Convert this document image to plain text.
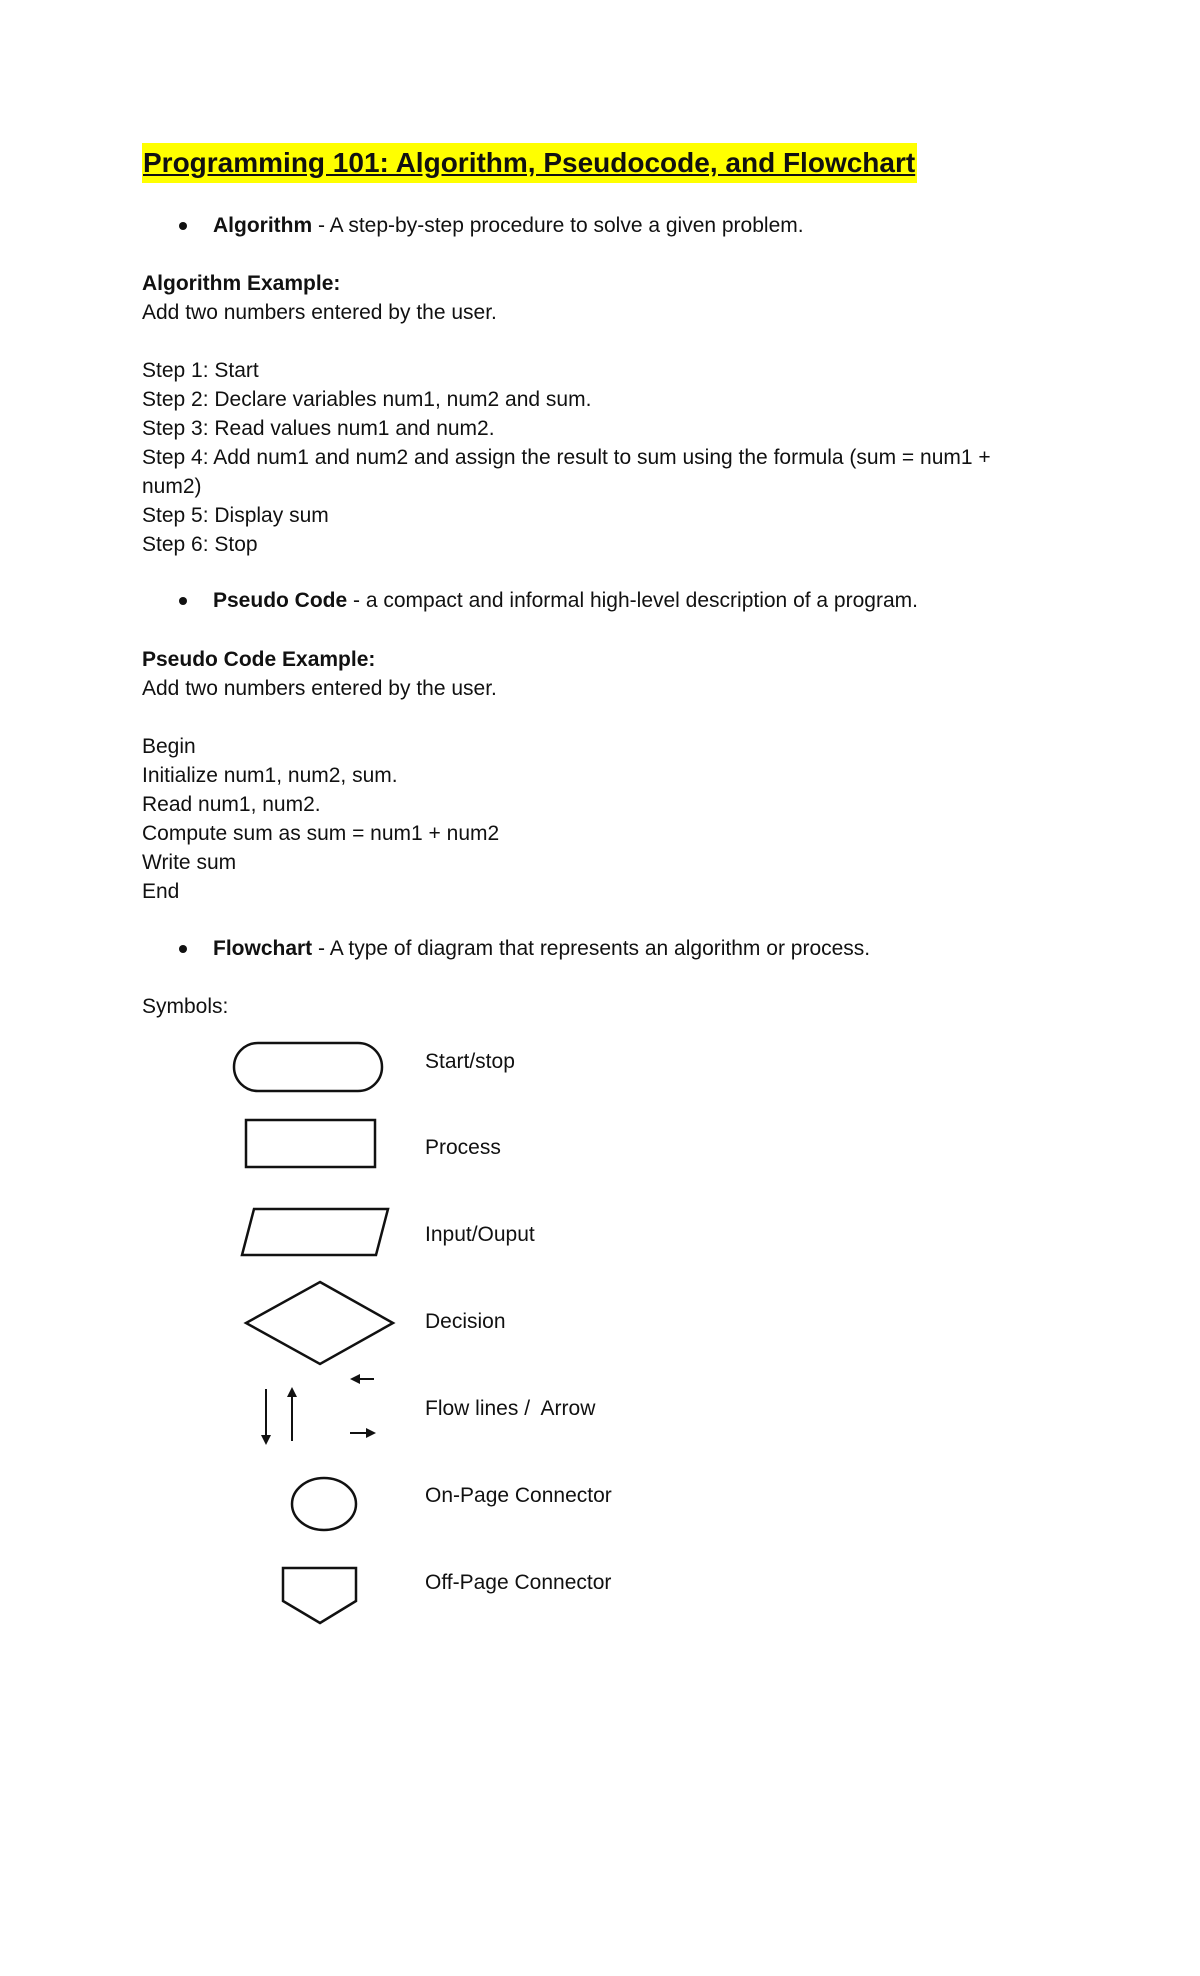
Programming 101: Algorithm, Pseudocode, and Flowchart
Algorithm - A step-by-step procedure to solve a given problem.
Algorithm Example:
Add two numbers entered by the user.
Step 1: Start
Step 2: Declare variables num1, num2 and sum.
Step 3: Read values num1 and num2.
Step 4: Add num1 and num2 and assign the result to sum using the formula (sum = num1 +
num2)
Step 5: Display sum
Step 6: Stop
Pseudo Code - a compact and informal high-level description of a program.
Pseudo Code Example:
Add two numbers entered by the user.
Begin
Initialize num1, num2, sum.
Read num1, num2.
Compute sum as sum = num1 + num2
Write sum
End
Flowchart - A type of diagram that represents an algorithm or process.
Symbols:
Start/stop
Process
Input/Ouput
Decision
Flow lines /  Arrow
On-Page Connector
Off-Page Connector
